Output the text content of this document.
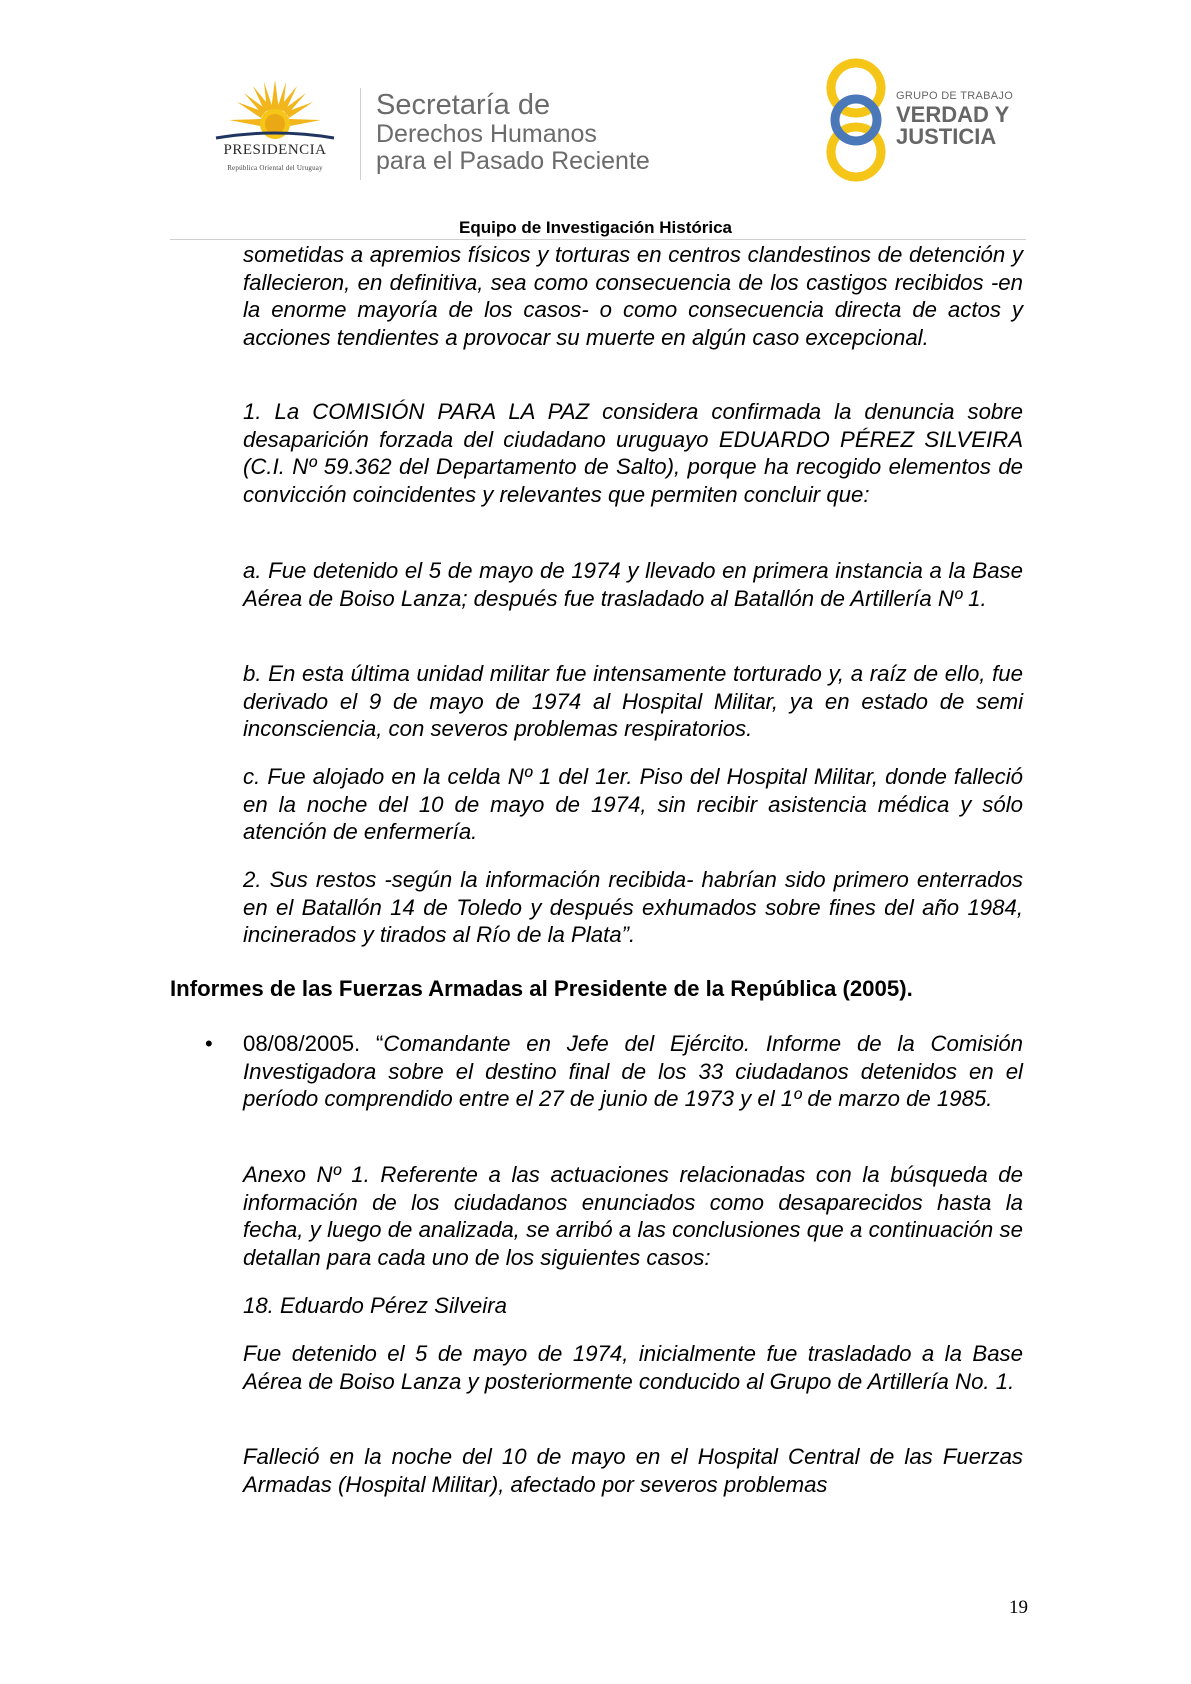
PRESIDENCIA
República Oriental del Uruguay
Secretaría de
Derechos Humanos
para el Pasado Reciente
GRUPO DE TRABAJO
VERDAD Y
JUSTICIA
Equipo de Investigación Histórica
sometidas a apremios físicos y torturas en centros clandestinos de detención y fallecieron, en definitiva, sea como consecuencia de los castigos recibidos -en la enorme mayoría de los casos- o como consecuencia directa de actos y acciones tendientes a provocar su muerte en algún caso excepcional.
1. La COMISIÓN PARA LA PAZ considera confirmada la denuncia sobre desaparición forzada del ciudadano uruguayo EDUARDO PÉREZ SILVEIRA (C.I. Nº 59.362 del Departamento de Salto), porque ha recogido elementos de convicción coincidentes y relevantes que permiten concluir que:
a. Fue detenido el 5 de mayo de 1974 y llevado en primera instancia a la Base Aérea de Boiso Lanza; después fue trasladado al Batallón de Artillería Nº 1.
b. En esta última unidad militar fue intensamente torturado y, a raíz de ello, fue derivado el 9 de mayo de 1974 al Hospital Militar, ya en estado de semi inconsciencia, con severos problemas respiratorios.
c. Fue alojado en la celda Nº 1 del 1er. Piso del Hospital Militar, donde falleció en la noche del 10 de mayo de 1974, sin recibir asistencia médica y sólo atención de enfermería.
2. Sus restos -según la información recibida- habrían sido primero enterrados en el Batallón 14 de Toledo y después exhumados sobre fines del año 1984, incinerados y tirados al Río de la Plata”.
Informes de las Fuerzas Armadas al Presidente de la República (2005).
• 08/08/2005. “Comandante en Jefe del Ejército. Informe de la Comisión Investigadora sobre el destino final de los 33 ciudadanos detenidos en el período comprendido entre el 27 de junio de 1973 y el 1º de marzo de 1985.
Anexo Nº 1. Referente a las actuaciones relacionadas con la búsqueda de información de los ciudadanos enunciados como desaparecidos hasta la fecha, y luego de analizada, se arribó a las conclusiones que a continuación se detallan para cada uno de los siguientes casos:
18. Eduardo Pérez Silveira
Fue detenido el 5 de mayo de 1974, inicialmente fue trasladado a la Base Aérea de Boiso Lanza y posteriormente conducido al Grupo de Artillería No. 1.
Falleció en la noche del 10 de mayo en el Hospital Central de las Fuerzas Armadas (Hospital Militar), afectado por severos problemas
19
